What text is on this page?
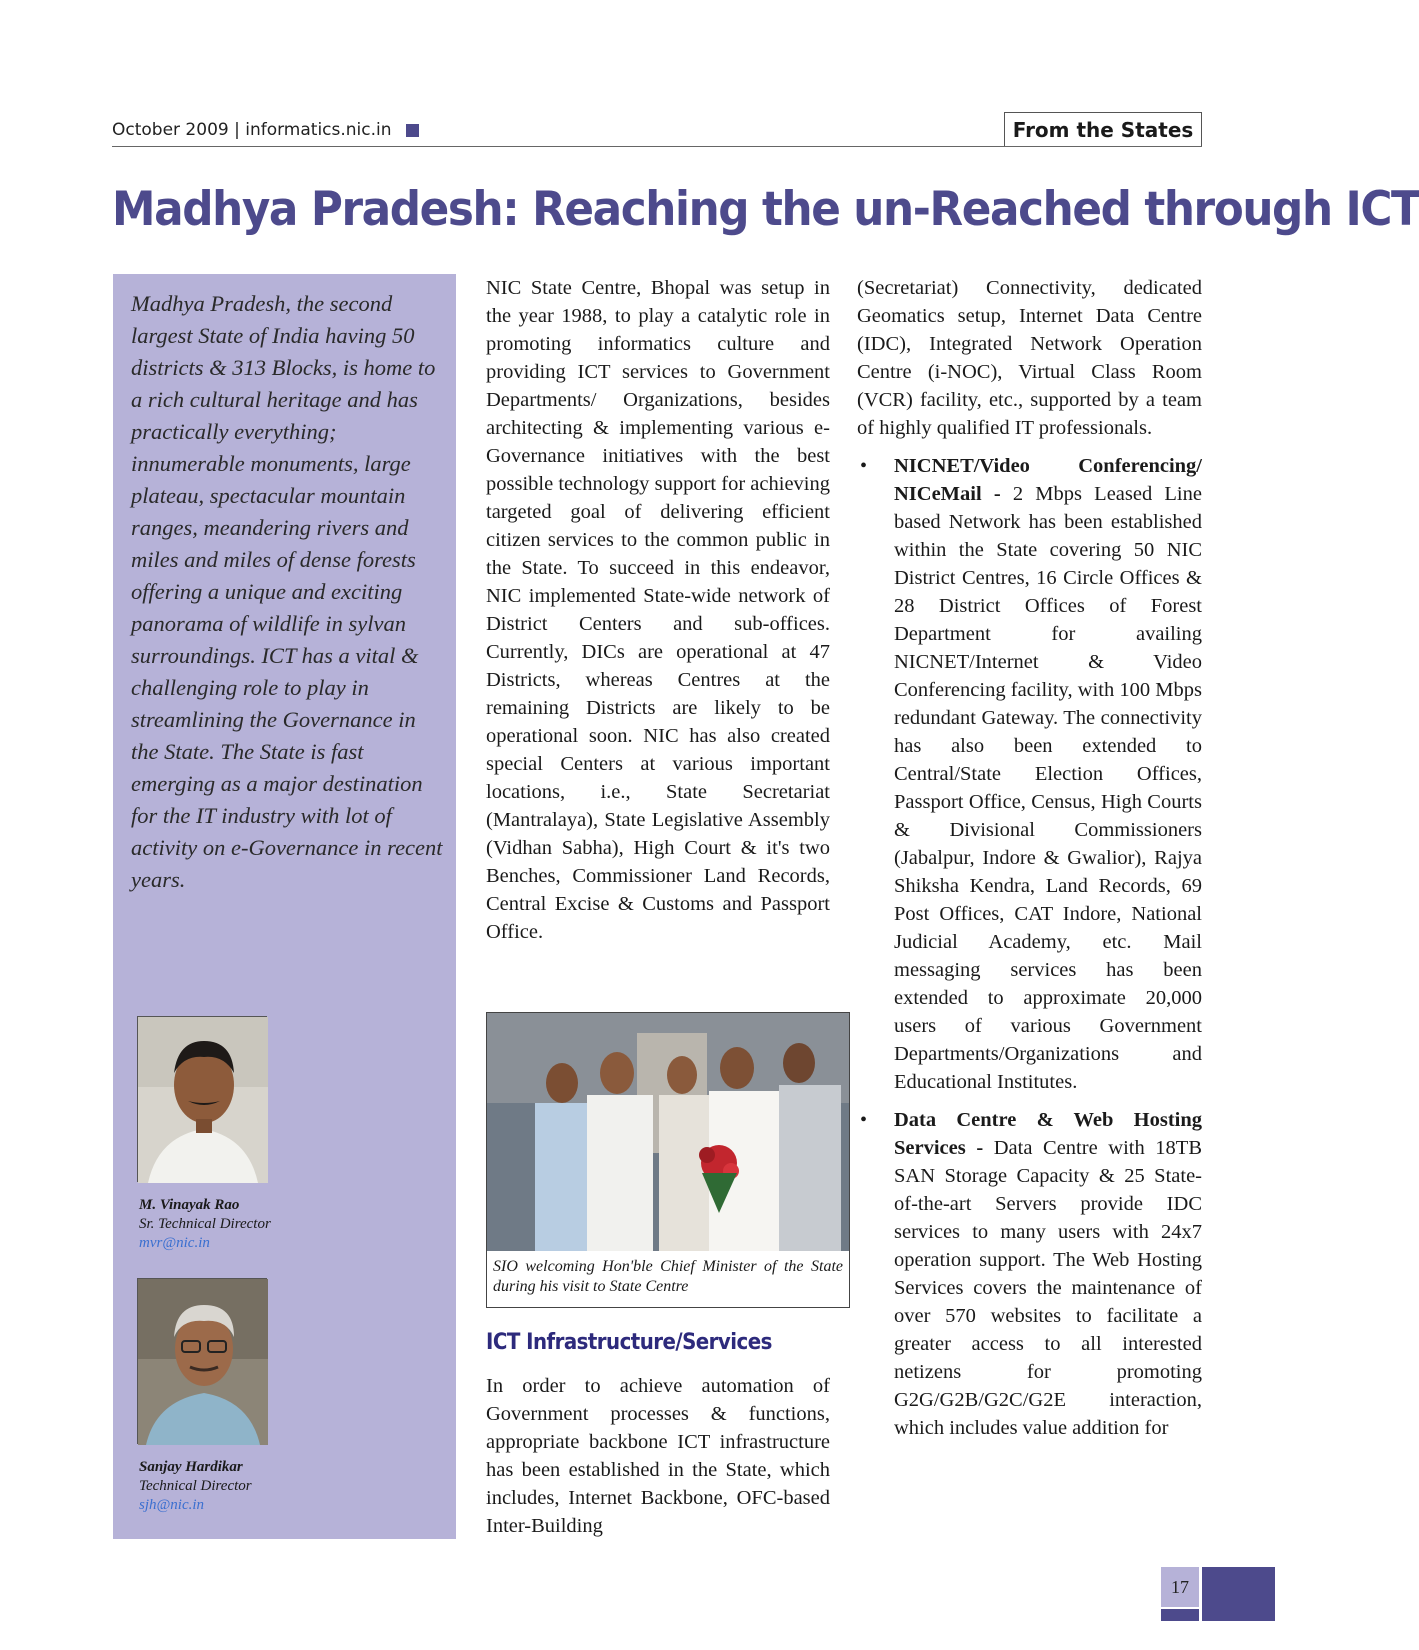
October 2009 | informatics.nic.in	From the States
Madhya Pradesh: Reaching the un-Reached through ICT

Madhya Pradesh, the second largest State of India having 50 districts & 313 Blocks, is home to a rich cultural heritage and has practically everything; innumerable monuments, large plateau, spectacular mountain ranges, meandering rivers and miles and miles of dense forests offering a unique and exciting panorama of wildlife in sylvan surroundings. ICT has a vital & challenging role to play in streamlining the Governance in the State. The State is fast emerging as a major destination for the IT industry with lot of activity on e-Governance in recent years.

M. Vinayak Rao
Sr. Technical Director
mvr@nic.in
Sanjay Hardikar
Technical Director
sjh@nic.in

NIC State Centre, Bhopal was setup in the year 1988, to play a catalytic role in promoting informatics culture and providing ICT services to Government Departments/ Organizations, besides architecting & implementing various e-Governance initiatives with the best possible technology support for achieving targeted goal of delivering efficient citizen services to the common public in the State. To succeed in this endeavor, NIC implemented State-wide network of District Centers and sub-offices. Currently, DICs are operational at 47 Districts, whereas Centres at the remaining Districts are likely to be operational soon. NIC has also created special Centers at various important locations, i.e., State Secretariat (Mantralaya), State Legislative Assembly (Vidhan Sabha), High Court & it's two Benches, Commissioner Land Records, Central Excise & Customs and Passport Office.

SIO welcoming Hon'ble Chief Minister of the State during his visit to State Centre

ICT Infrastructure/Services

In order to achieve automation of Government processes & functions, appropriate backbone ICT infrastructure has been established in the State, which includes, Internet Backbone, OFC-based Inter-Building

(Secretariat) Connectivity, dedicated Geomatics setup, Internet Data Centre (IDC), Integrated Network Operation Centre (i-NOC), Virtual Class Room (VCR) facility, etc., supported by a team of highly qualified IT professionals.

• NICNET/Video Conferencing/ NICeMail - 2 Mbps Leased Line based Network has been established within the State covering 50 NIC District Centres, 16 Circle Offices & 28 District Offices of Forest Department for availing NICNET/Internet & Video Conferencing facility, with 100 Mbps redundant Gateway. The connectivity has also been extended to Central/State Election Offices, Passport Office, Census, High Courts & Divisional Commissioners (Jabalpur, Indore & Gwalior), Rajya Shiksha Kendra, Land Records, 69 Post Offices, CAT Indore, National Judicial Academy, etc. Mail messaging services has been extended to approximate 20,000 users of various Government Departments/Organizations and Educational Institutes.
• Data Centre & Web Hosting Services - Data Centre with 18TB SAN Storage Capacity & 25 State-of-the-art Servers provide IDC services to many users with 24x7 operation support. The Web Hosting Services covers the maintenance of over 570 websites to facilitate a greater access to all interested netizens for promoting G2G/G2B/G2C/G2E interaction, which includes value addition for
17
